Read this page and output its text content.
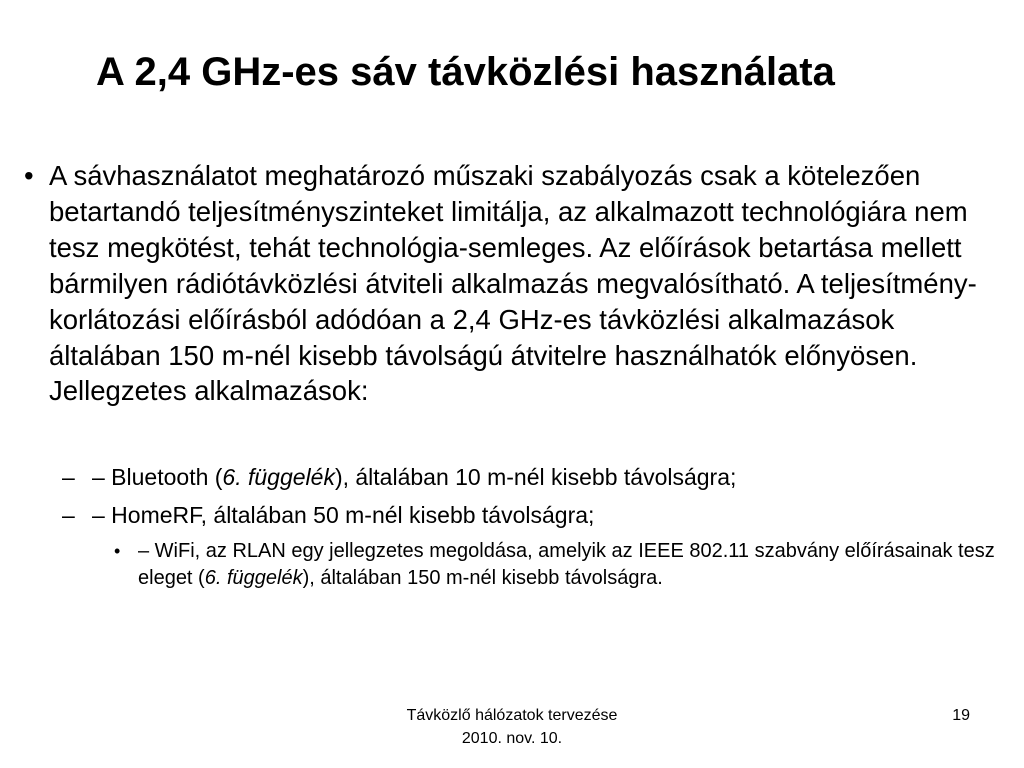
A 2,4 GHz-es sáv távközlési használata
• A sávhasználatot meghatározó műszaki szabályozás csak a kötelezően betartandó teljesítményszinteket limitálja, az alkalmazott technológiára nem tesz megkötést, tehát technológia-semleges. Az előírások betartása mellett bármilyen rádiótávközlési átviteli alkalmazás megvalósítható. A teljesítmény-korlátozási előírásból adódóan a 2,4 GHz-es távközlési alkalmazások általában 150 m-nél kisebb távolságú átvitelre használhatók előnyösen. Jellegzetes alkalmazások:
– – Bluetooth (6. függelék), általában 10 m-nél kisebb távolságra;
– – HomeRF, általában 50 m-nél kisebb távolságra;
• – WiFi, az RLAN egy jellegzetes megoldása, amelyik az IEEE 802.11 szabvány előírásainak tesz eleget (6. függelék), általában 150 m-nél kisebb távolságra.
Távközlő hálózatok tervezése
2010. nov. 10.
19
